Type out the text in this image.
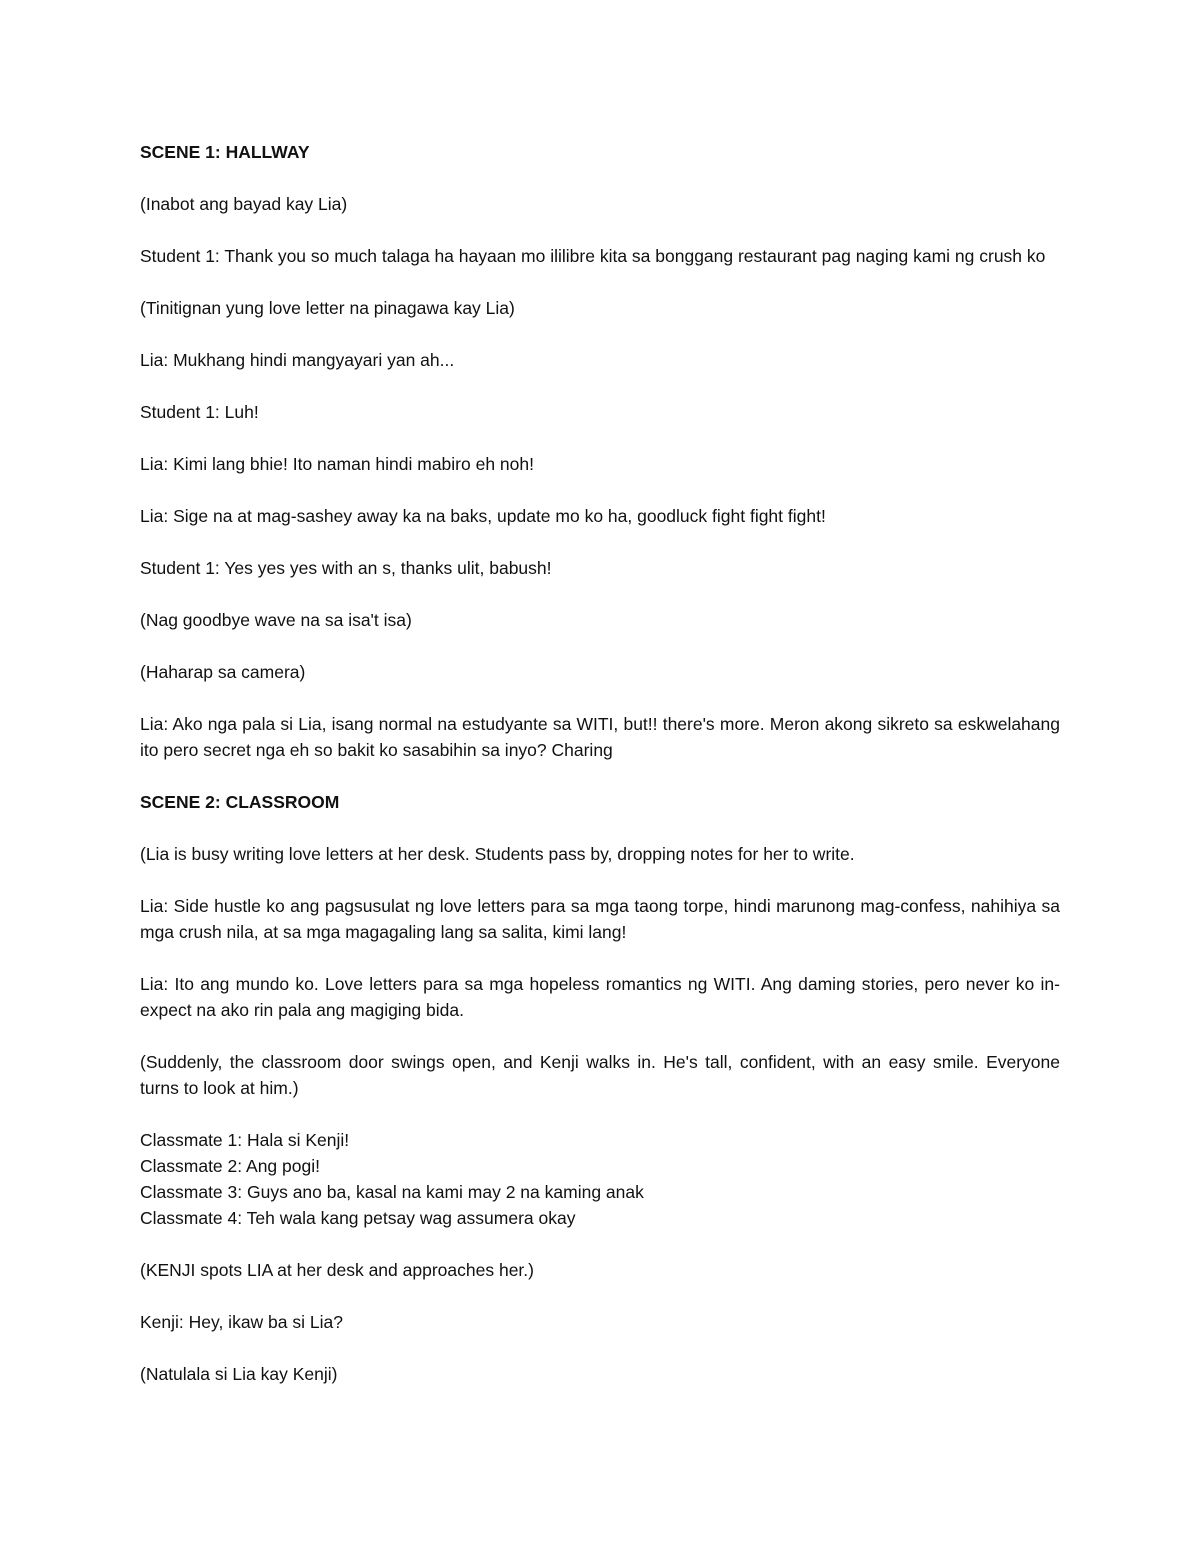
SCENE 1: HALLWAY

(Inabot ang bayad kay Lia)

Student 1: Thank you so much talaga ha hayaan mo ililibre kita sa bonggang restaurant pag naging kami ng crush ko

(Tinitignan yung love letter na pinagawa kay Lia)

Lia: Mukhang hindi mangyayari yan ah...

Student 1: Luh!

Lia: Kimi lang bhie! Ito naman hindi mabiro eh noh!

Lia: Sige na at mag-sashey away ka na baks, update mo ko ha, goodluck fight fight fight!

Student 1: Yes yes yes with an s, thanks ulit, babush!

(Nag goodbye wave na sa isa't isa)

(Haharap sa camera)

Lia: Ako nga pala si Lia, isang normal na estudyante sa WITI, but!! there's more. Meron akong sikreto sa eskwelahang ito pero secret nga eh so bakit ko sasabihin sa inyo? Charing

SCENE 2: CLASSROOM

(Lia is busy writing love letters at her desk. Students pass by, dropping notes for her to write.

Lia: Side hustle ko ang pagsusulat ng love letters para sa mga taong torpe, hindi marunong mag-confess, nahihiya sa mga crush nila, at sa mga magagaling lang sa salita, kimi lang!

Lia: Ito ang mundo ko. Love letters para sa mga hopeless romantics ng WITI. Ang daming stories, pero never ko in-expect na ako rin pala ang magiging bida.

(Suddenly, the classroom door swings open, and Kenji walks in. He's tall, confident, with an easy smile. Everyone turns to look at him.)

Classmate 1: Hala si Kenji!

Classmate 2: Ang pogi!

Classmate 3: Guys ano ba, kasal na kami may 2 na kaming anak

Classmate 4: Teh wala kang petsay wag assumera okay

(KENJI spots LIA at her desk and approaches her.)

Kenji: Hey, ikaw ba si Lia?

(Natulala si Lia kay Kenji)
